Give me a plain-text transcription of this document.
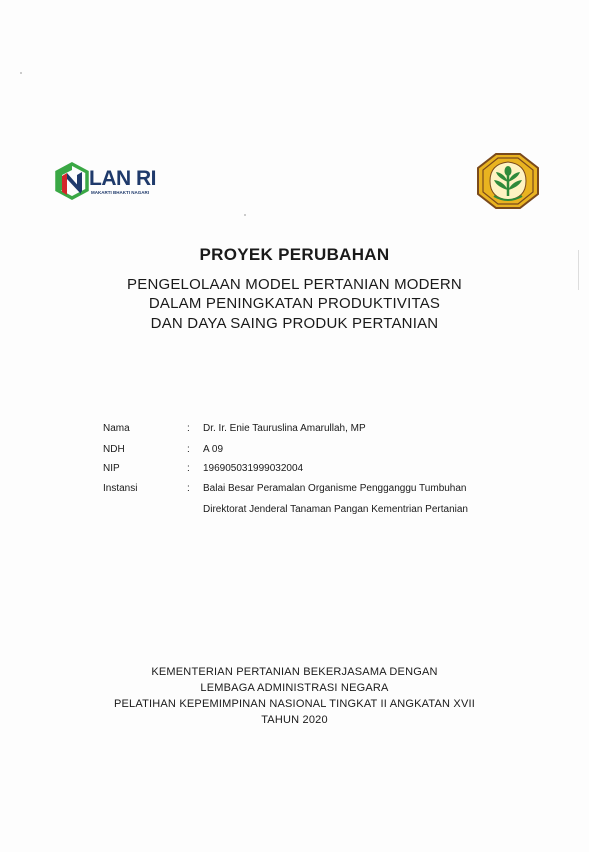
LAN RI
MAKARTI BHAKTI NAGARI
PROYEK PERUBAHAN
PENGELOLAAN MODEL PERTANIAN MODERN
DALAM PENINGKATAN PRODUKTIVITAS
DAN DAYA SAING PRODUK PERTANIAN
Nama	: Dr. Ir. Enie Tauruslina Amarullah, MP
NDH	: A 09
NIP	: 196905031999032004
Instansi	: Balai Besar Peramalan Organisme Pengganggu Tumbuhan
Direktorat Jenderal Tanaman Pangan Kementrian Pertanian
KEMENTERIAN PERTANIAN BEKERJASAMA DENGAN
LEMBAGA ADMINISTRASI NEGARA
PELATIHAN KEPEMIMPINAN NASIONAL TINGKAT II ANGKATAN XVII
TAHUN 2020
